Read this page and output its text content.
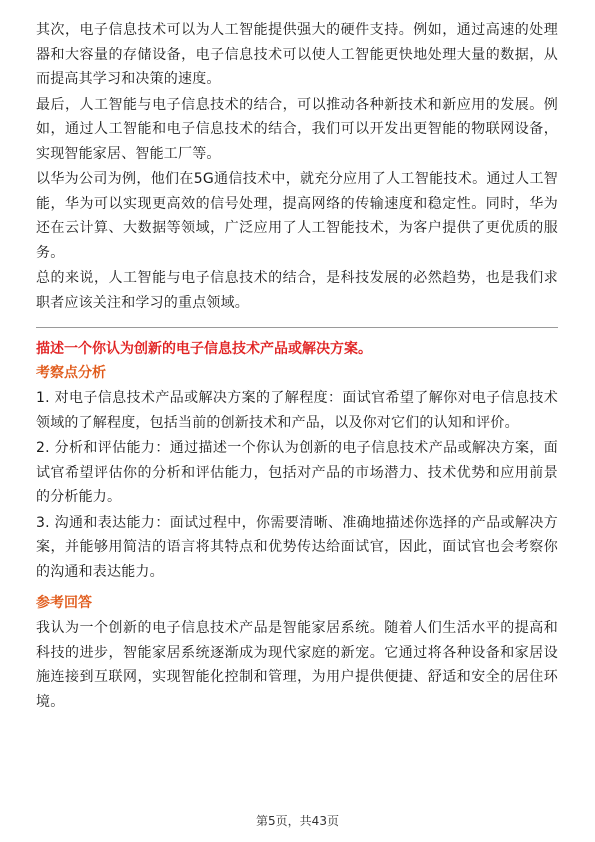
其次，电子信息技术可以为人工智能提供强大的硬件支持。例如，通过高速的处理器和大容量的存储设备，电子信息技术可以使人工智能更快地处理大量的数据，从而提高其学习和决策的速度。

最后，人工智能与电子信息技术的结合，可以推动各种新技术和新应用的发展。例如，通过人工智能和电子信息技术的结合，我们可以开发出更智能的物联网设备，实现智能家居、智能工厂等。

以华为公司为例，他们在5G通信技术中，就充分应用了人工智能技术。通过人工智能，华为可以实现更高效的信号处理，提高网络的传输速度和稳定性。同时，华为还在云计算、大数据等领域，广泛应用了人工智能技术，为客户提供了更优质的服务。

总的来说，人工智能与电子信息技术的结合，是科技发展的必然趋势，也是我们求职者应该关注和学习的重点领域。

描述一个你认为创新的电子信息技术产品或解决方案。

考察点分析

1. 对电子信息技术产品或解决方案的了解程度：面试官希望了解你对电子信息技术领域的了解程度，包括当前的创新技术和产品，以及你对它们的认知和评价。

2. 分析和评估能力：通过描述一个你认为创新的电子信息技术产品或解决方案，面试官希望评估你的分析和评估能力，包括对产品的市场潜力、技术优势和应用前景的分析能力。

3. 沟通和表达能力：面试过程中，你需要清晰、准确地描述你选择的产品或解决方案，并能够用简洁的语言将其特点和优势传达给面试官，因此，面试官也会考察你的沟通和表达能力。

参考回答

我认为一个创新的电子信息技术产品是智能家居系统。随着人们生活水平的提高和科技的进步，智能家居系统逐渐成为现代家庭的新宠。它通过将各种设备和家居设施连接到互联网，实现智能化控制和管理，为用户提供便捷、舒适和安全的居住环境。

第5页，共43页
